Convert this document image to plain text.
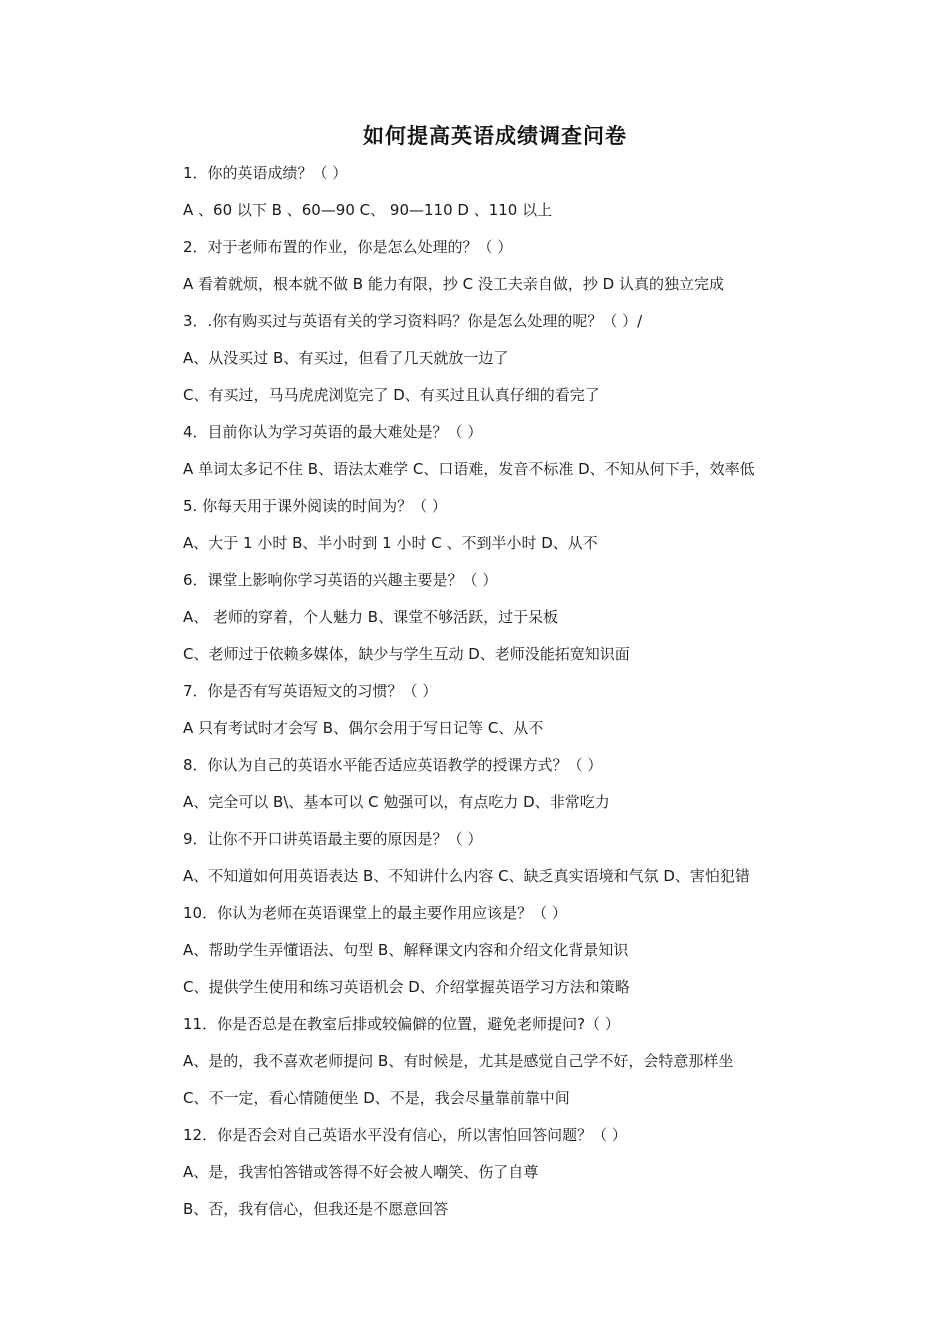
如何提高英语成绩调查问卷
1．你的英语成绩？（ ）
A 、60 以下 B 、60—90 C、 90—110 D 、110 以上
2．对于老师布置的作业，你是怎么处理的？（ ）
A 看着就烦，根本就不做 B 能力有限，抄 C 没工夫亲自做，抄 D 认真的独立完成
3．.你有购买过与英语有关的学习资料吗？你是怎么处理的呢？（ ）/
A、从没买过 B、有买过，但看了几天就放一边了
C、有买过，马马虎虎浏览完了 D、有买过且认真仔细的看完了
4．目前你认为学习英语的最大难处是？（ ）
A 单词太多记不住 B、语法太难学 C、口语难，发音不标准 D、不知从何下手，效率低
5. 你每天用于课外阅读的时间为？（ ）
A、大于 1 小时 B、半小时到 1 小时 C 、不到半小时 D、从不
6．课堂上影响你学习英语的兴趣主要是？（ ）
A、 老师的穿着，个人魅力 B、课堂不够活跃，过于呆板
C、老师过于依赖多媒体，缺少与学生互动 D、老师没能拓宽知识面
7．你是否有写英语短文的习惯？（ ）
A 只有考试时才会写 B、偶尔会用于写日记等 C、从不
8．你认为自己的英语水平能否适应英语教学的授课方式？（ ）
A、完全可以 B\、基本可以 C 勉强可以，有点吃力 D、非常吃力
9．让你不开口讲英语最主要的原因是？（ ）
A、不知道如何用英语表达 B、不知讲什么内容 C、缺乏真实语境和气氛 D、害怕犯错
10．你认为老师在英语课堂上的最主要作用应该是？（ ）
A、帮助学生弄懂语法、句型 B、解释课文内容和介绍文化背景知识
C、提供学生使用和练习英语机会 D、介绍掌握英语学习方法和策略
11．你是否总是在教室后排或较偏僻的位置，避免老师提问?（ ）
A、是的，我不喜欢老师提问 B、有时候是，尤其是感觉自己学不好，会特意那样坐
C、不一定，看心情随便坐 D、不是，我会尽量靠前靠中间
12．你是否会对自己英语水平没有信心，所以害怕回答问题？（ ）
A、是，我害怕答错或答得不好会被人嘲笑、伤了自尊
B、否，我有信心，但我还是不愿意回答
